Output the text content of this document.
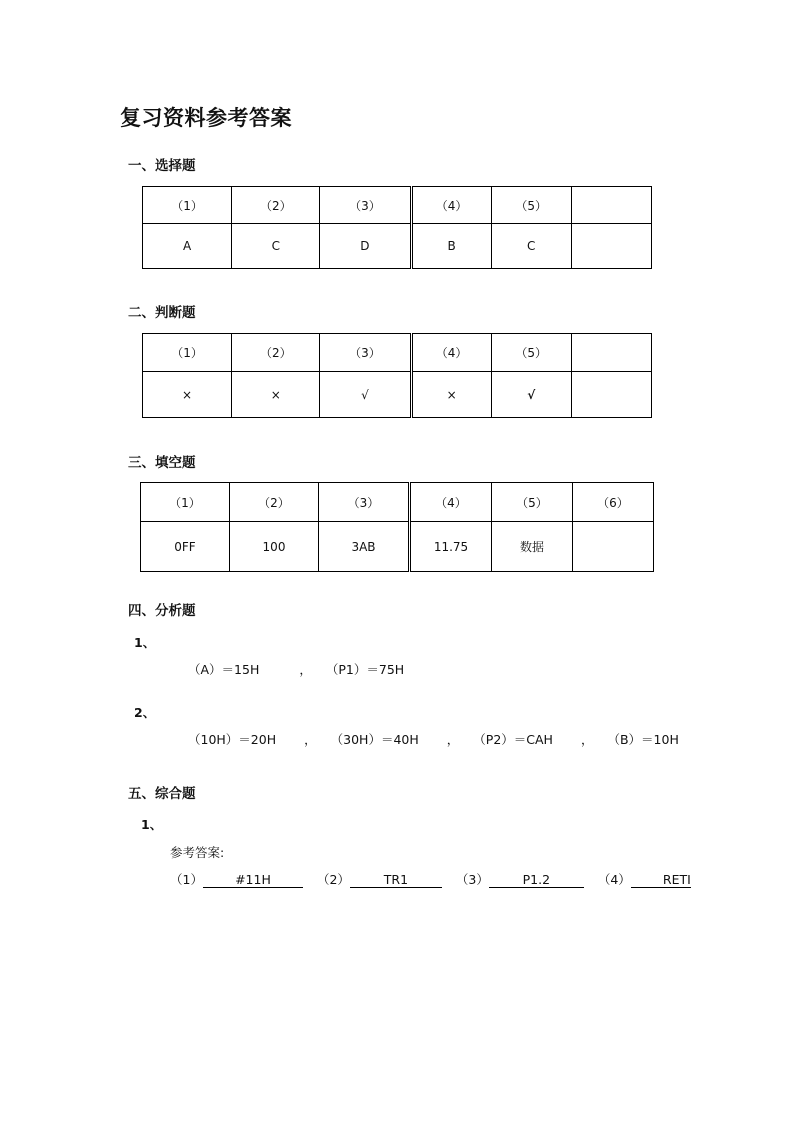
复习资料参考答案
一、选择题
（1）	（2）	（3）	（4）	（5）	
A	C	D	B	C	
二、判断题
（1）	（2）	（3）	（4）	（5）	
×	×	√	×	√	
三、填空题
（1）	（2）	（3）	（4）	（5）	（6）
0FF	100	3AB	11.75	数据	
四、分析题
1、
（A）＝15H	， （P1）＝75H
2、
（10H）＝20H ， （30H）＝40H ， （P2）＝CAH ， （B）＝10H
五、综合题
1、
参考答案:
（1）	#11H	（2）	TR1	（3）	P1.2	（4）	RETI
